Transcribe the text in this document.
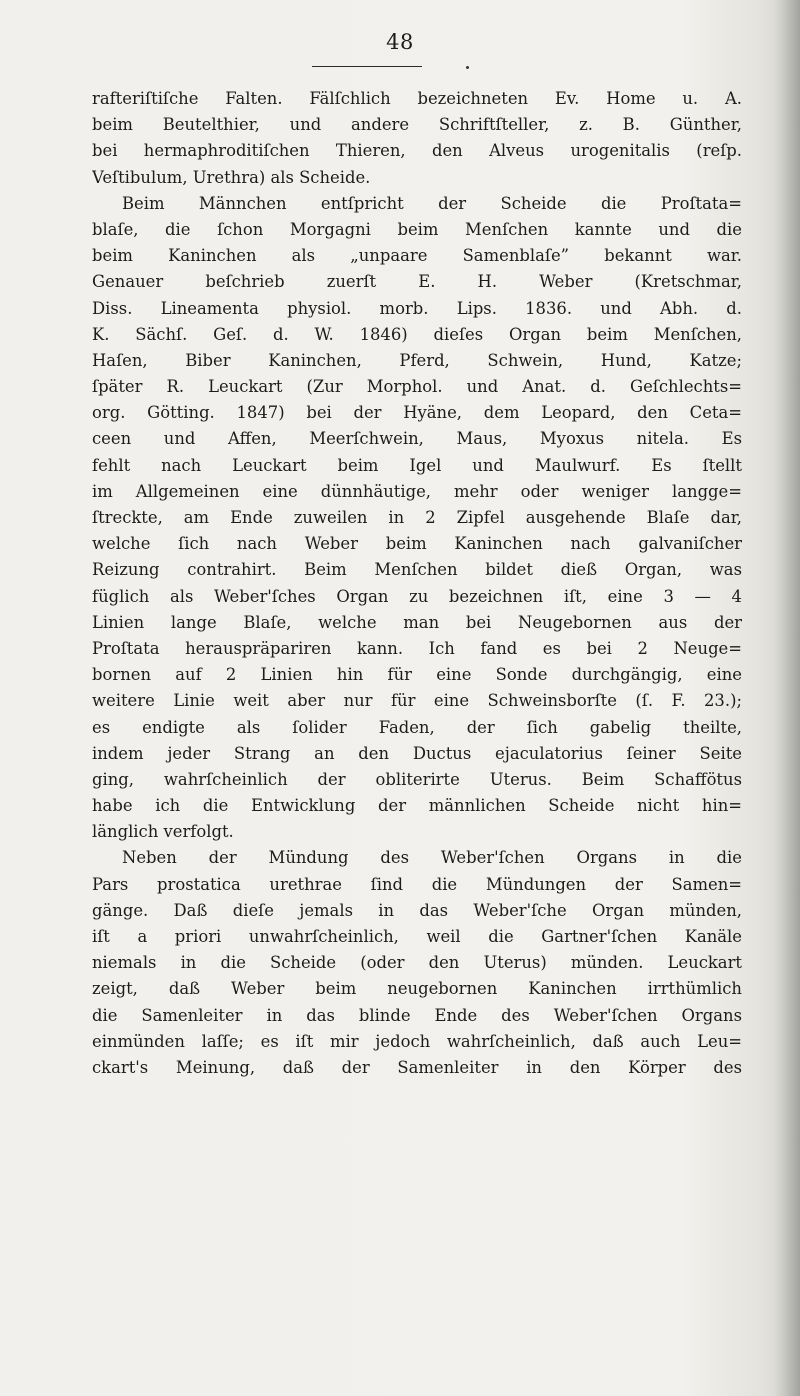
48
rafteriſtiſche Falten. Fälſchlich bezeichneten Ev. Home u. A.
beim Beutelthier, und andere Schriftſteller, z. B. Günther,
bei hermaphroditiſchen Thieren, den Alveus urogenitalis (reſp.
Veſtibulum, Urethra) als Scheide.
Beim Männchen entſpricht der Scheide die Proſtata=
blaſe, die ſchon Morgagni beim Menſchen kannte und die
beim Kaninchen als „unpaare Samenblaſe” bekannt war.
Genauer beſchrieb zuerſt E. H. Weber (Kretschmar,
Diss. Lineamenta physiol. morb. Lips. 1836. und Abh. d.
K. Sächſ. Geſ. d. W. 1846) dieſes Organ beim Menſchen,
Haſen, Biber Kaninchen, Pferd, Schwein, Hund, Katze;
ſpäter R. Leuckart (Zur Morphol. und Anat. d. Geſchlechts=
org. Götting. 1847) bei der Hyäne, dem Leopard, den Ceta=
ceen und Affen, Meerſchwein, Maus, Myoxus nitela. Es
fehlt nach Leuckart beim Igel und Maulwurf. Es ſtellt
im Allgemeinen eine dünnhäutige, mehr oder weniger langge=
ſtreckte, am Ende zuweilen in 2 Zipfel ausgehende Blaſe dar,
welche ſich nach Weber beim Kaninchen nach galvaniſcher
Reizung contrahirt. Beim Menſchen bildet dieß Organ, was
füglich als Weber'ſches Organ zu bezeichnen iſt, eine 3 — 4
Linien lange Blaſe, welche man bei Neugebornen aus der
Proſtata herauspräpariren kann. Ich fand es bei 2 Neuge=
bornen auf 2 Linien hin für eine Sonde durchgängig, eine
weitere Linie weit aber nur für eine Schweinsborſte (ſ. F. 23.);
es endigte als ſolider Faden, der ſich gabelig theilte,
indem jeder Strang an den Ductus ejaculatorius ſeiner Seite
ging, wahrſcheinlich der obliterirte Uterus. Beim Schaffötus
habe ich die Entwicklung der männlichen Scheide nicht hin=
länglich verfolgt.
Neben der Mündung des Weber'ſchen Organs in die
Pars prostatica urethrae ſind die Mündungen der Samen=
gänge. Daß dieſe jemals in das Weber'ſche Organ münden,
iſt a priori unwahrſcheinlich, weil die Gartner'ſchen Kanäle
niemals in die Scheide (oder den Uterus) münden. Leuckart
zeigt, daß Weber beim neugebornen Kaninchen irrthümlich
die Samenleiter in das blinde Ende des Weber'ſchen Organs
einmünden laſſe; es iſt mir jedoch wahrſcheinlich, daß auch Leu=
ckart's Meinung, daß der Samenleiter in den Körper des
